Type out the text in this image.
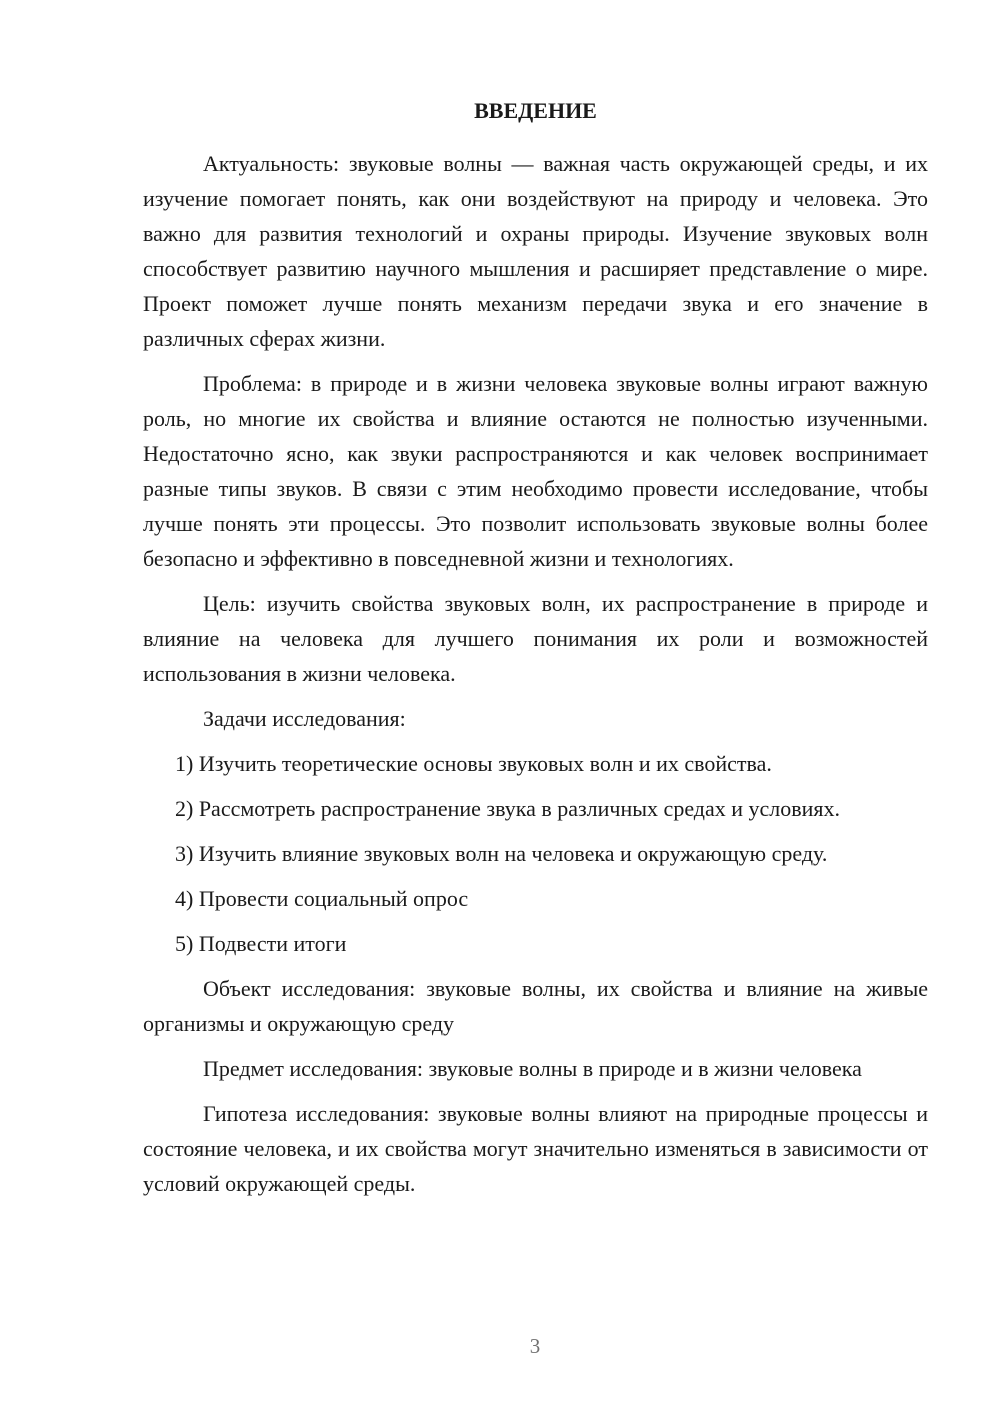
ВВЕДЕНИЕ

Актуальность: звуковые волны — важная часть окружающей среды, и их изучение помогает понять, как они воздействуют на природу и человека. Это важно для развития технологий и охраны природы. Изучение звуковых волн способствует развитию научного мышления и расширяет представление о мире. Проект поможет лучше понять механизм передачи звука и его значение в различных сферах жизни.

Проблема: в природе и в жизни человека звуковые волны играют важную роль, но многие их свойства и влияние остаются не полностью изученными. Недостаточно ясно, как звуки распространяются и как человек воспринимает разные типы звуков. В связи с этим необходимо провести исследование, чтобы лучше понять эти процессы. Это позволит использовать звуковые волны более безопасно и эффективно в повседневной жизни и технологиях.

Цель: изучить свойства звуковых волн, их распространение в природе и влияние на человека для лучшего понимания их роли и возможностей использования в жизни человека.

Задачи исследования:

1) Изучить теоретические основы звуковых волн и их свойства.

2) Рассмотреть распространение звука в различных средах и условиях.

3) Изучить влияние звуковых волн на человека и окружающую среду.

4) Провести социальный опрос

5) Подвести итоги

Объект исследования: звуковые волны, их свойства и влияние на живые организмы и окружающую среду

Предмет исследования: звуковые волны в природе и в жизни человека

Гипотеза исследования: звуковые волны влияют на природные процессы и состояние человека, и их свойства могут значительно изменяться в зависимости от условий окружающей среды.

3
